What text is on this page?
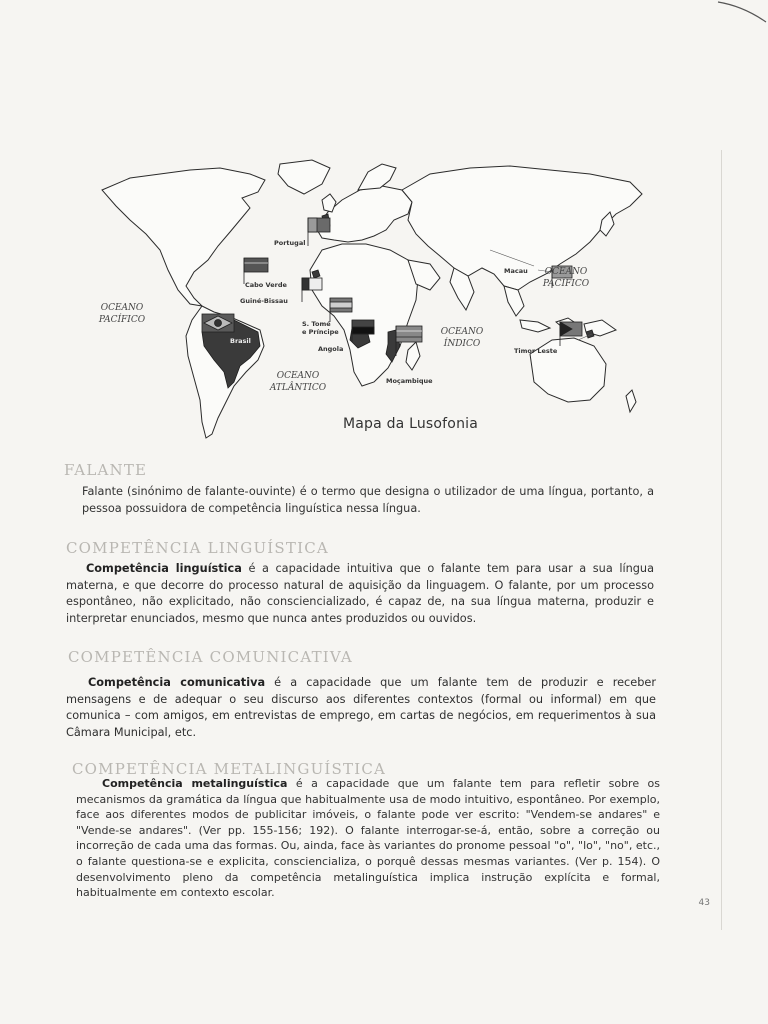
Portugal
Cabo Verde
Guiné-Bissau
S. Tomé
e Príncipe
Angola
Brasil
Moçambique
Macau
Timor Leste
OCEANO
PACÍFICO
OCEANO
PACÍFICO
OCEANO
ATLÂNTICO
OCEANO
ÍNDICO
Mapa da Lusofonia
FALANTE
Falante (sinónimo de falante-ouvinte) é o termo que designa o utilizador de uma língua, portanto, a pessoa possuidora de competência linguística nessa língua.
COMPETÊNCIA LINGUÍSTICA
Competência linguística é a capacidade intuitiva que o falante tem para usar a sua língua materna, e que decorre do processo natural de aquisição da linguagem. O falante, por um processo espontâneo, não explicitado, não consciencializado, é capaz de, na sua língua materna, produzir e interpretar enunciados, mesmo que nunca antes produzidos ou ouvidos.
COMPETÊNCIA COMUNICATIVA
Competência comunicativa é a capacidade que um falante tem de produzir e receber mensagens e de adequar o seu discurso aos diferentes contextos (formal ou informal) em que comunica – com amigos, em entrevistas de emprego, em cartas de negócios, em requerimentos à sua Câmara Municipal, etc.
COMPETÊNCIA METALINGUÍSTICA
Competência metalinguística é a capacidade que um falante tem para refletir sobre os mecanismos da gramática da língua que habitualmente usa de modo intuitivo, espontâneo. Por exemplo, face aos diferentes modos de publicitar imóveis, o falante pode ver escrito: "Vendem-se andares" e "Vende-se andares". (Ver pp. 155-156; 192). O falante interrogar-se-á, então, sobre a correção ou incorreção de cada uma das formas. Ou, ainda, face às variantes do pronome pessoal "o", "lo", "no", etc., o falante questiona-se e explicita, consciencializa, o porquê dessas mesmas variantes. (Ver p. 154). O desenvolvimento pleno da competência metalinguística implica instrução explícita e formal, habitualmente em contexto escolar.
43
